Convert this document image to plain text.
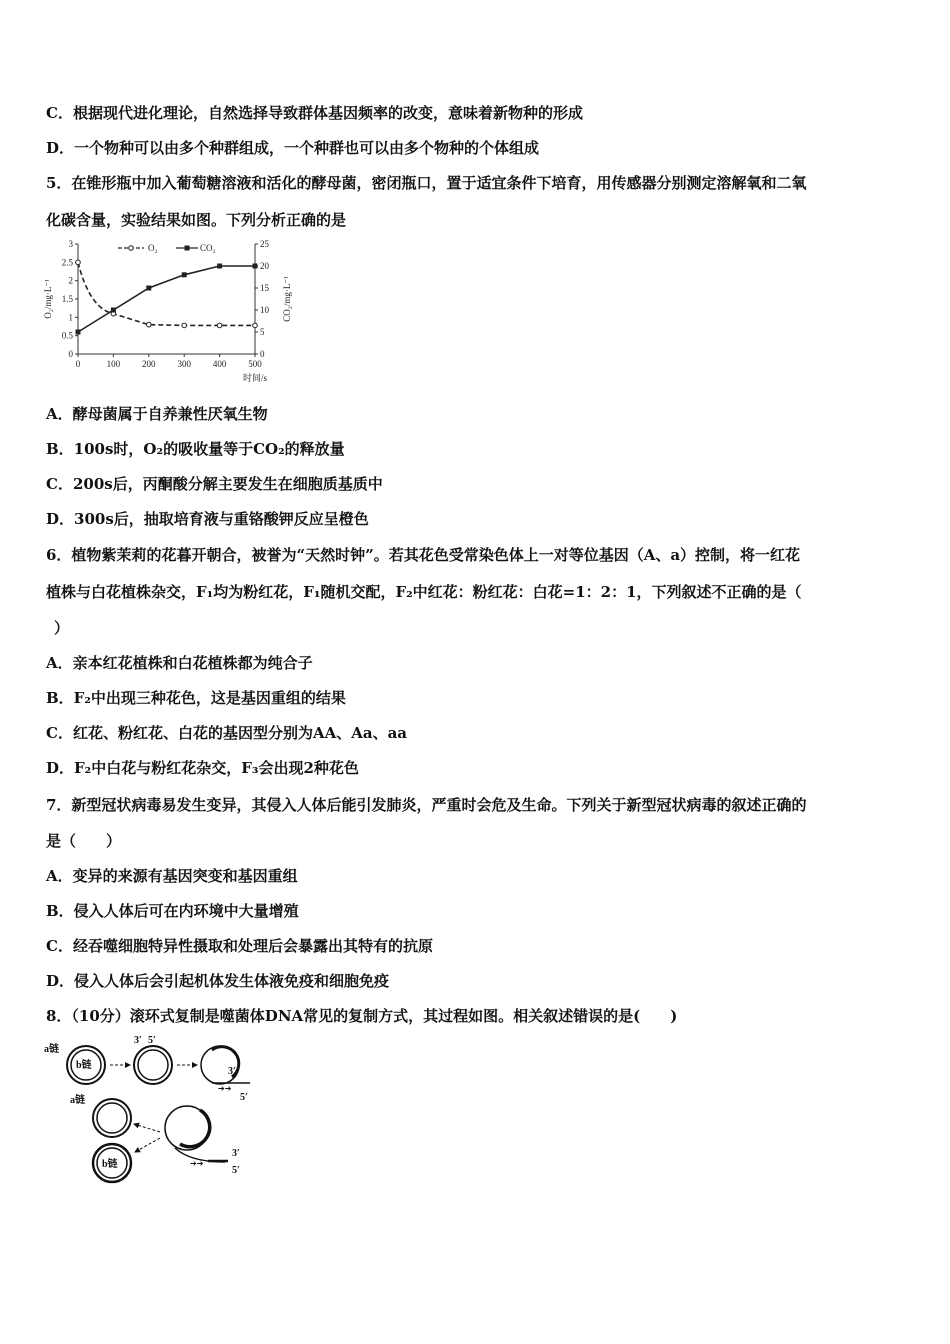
C．根据现代进化理论，自然选择导致群体基因频率的改变，意味着新物种的形成
D．一个物种可以由多个种群组成，一个种群也可以由多个物种的个体组成
5．在锥形瓶中加入葡萄糖溶液和活化的酵母菌，密闭瓶口，置于适宜条件下培育，用传感器分别测定溶解氧和二氧
化碳含量，实验结果如图。下列分析正确的是
0	100 200 300 400 500
0
0.5
1
1.5
2
2.5
3
0
5
10
15
20
25
时间/s
O₂/mg·L⁻¹	CO₂/mg·L⁻¹
O₂	CO₂
A．酵母菌属于自养兼性厌氧生物
B．100s时，O₂的吸收量等于CO₂的释放量
C．200s后，丙酮酸分解主要发生在细胞质基质中
D．300s后，抽取培育液与重铬酸钾反应呈橙色
6．植物紫茉莉的花暮开朝合，被誉为“天然时钟”。若其花色受常染色体上一对等位基因（A、a）控制，将一红花
植株与白花植株杂交，F₁均为粉红花，F₁随机交配，F₂中红花：粉红花：白花=1：2：1，下列叙述不正确的是（
）
A．亲本红花植株和白花植株都为纯合子
B．F₂中出现三种花色，这是基因重组的结果
C．红花、粉红花、白花的基因型分别为AA、Aa、aa
D．F₂中白花与粉红花杂交，F₃会出现2种花色
7．新型冠状病毒易发生变异，其侵入人体后能引发肺炎，严重时会危及生命。下列关于新型冠状病毒的叙述正确的
是（　　）
A．变异的来源有基因突变和基因重组
B．侵入人体后可在内环境中大量增殖
C．经吞噬细胞特异性摄取和处理后会暴露出其特有的抗原
D．侵入人体后会引起机体发生体液免疫和细胞免疫
8．（10分）滚环式复制是噬菌体DNA常见的复制方式，其过程如图。相关叙述错误的是(　　)
a链
b链
3′ 5′
3′
➔➔
5′
a链
➔➔
3′
5′
b链
